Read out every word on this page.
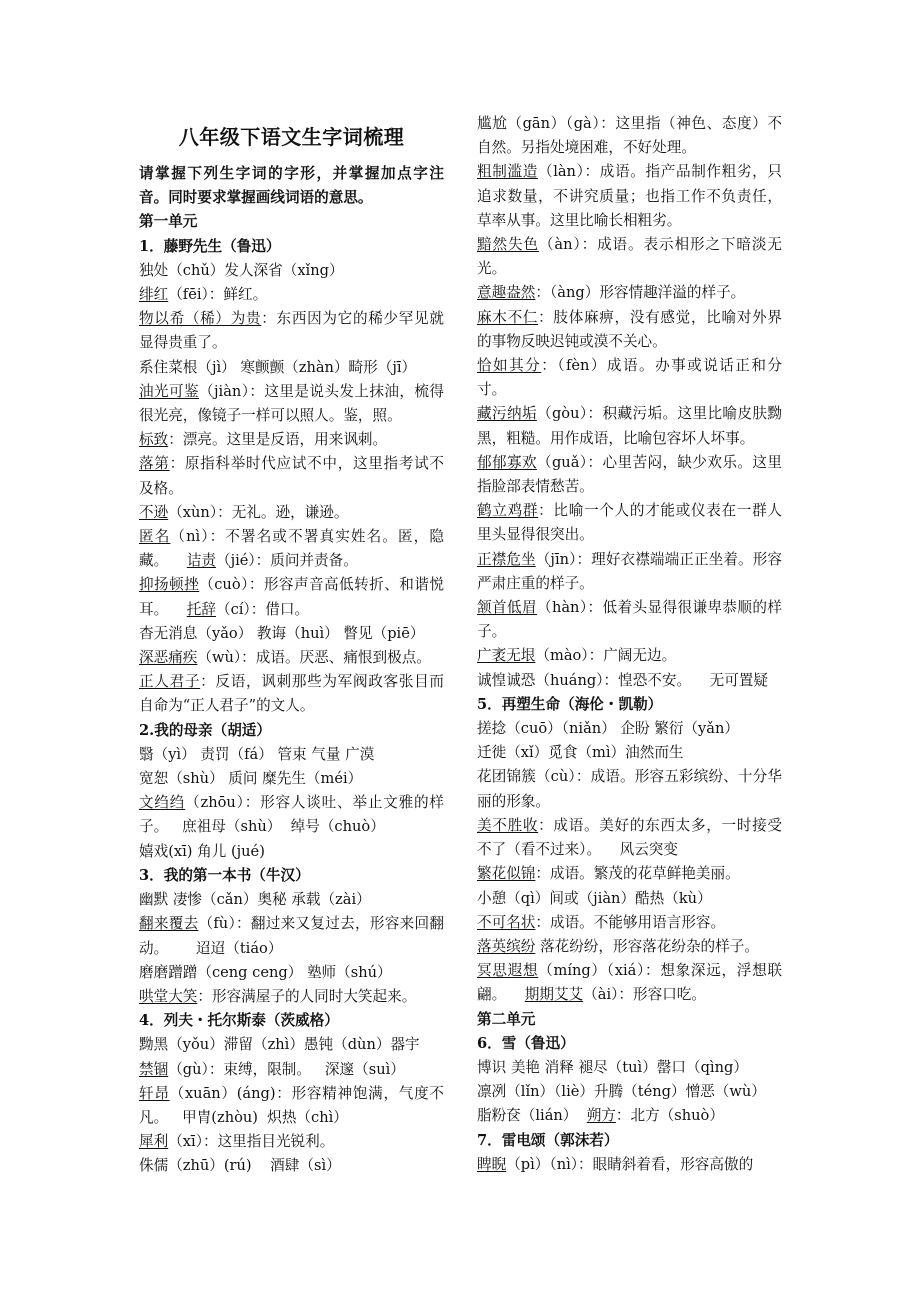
八年级下语文生字词梳理

请掌握下列生字词的字形，并掌握加点字注音。同时要求掌握画线词语的意思。

第一单元

1．藤野先生（鲁迅）

独处（chǔ）发人深省（xǐng）

绯红（fēi）：鲜红。

物以希（稀）为贵：东西因为它的稀少罕见就显得贵重了。

系住菜根（jì） 寒颤颤（zhàn）畸形（jī）

油光可鉴（jiàn）：这里是说头发上抹油，梳得很光亮，像镜子一样可以照人。鉴，照。

标致：漂亮。这里是反语，用来讽刺。

落第：原指科举时代应试不中，这里指考试不及格。

不逊（xùn）：无礼。逊，谦逊。

匿名（nì）：不署名或不署真实姓名。匿，隐藏。 诘责（jié）：质问并责备。

抑扬顿挫（cuò）：形容声音高低转折、和谐悦耳。 托辞（cí）：借口。

杳无消息（yǎo） 教诲（huì） 瞥见（piē）

深恶痛疾（wù）：成语。厌恶、痛恨到极点。

正人君子：反语，讽刺那些为军阀政客张目而自命为“正人君子”的文人。

2.我的母亲（胡适）

翳（yì） 责罚（fá） 管束 气量 广漠

宽恕（shù） 质问 糜先生（méi）

文绉绉（zhōu）：形容人谈吐、举止文雅的样子。   庶祖母（shù）  绰号（chuò）

嬉戏(xī) 角儿 (jué)

3．我的第一本书（牛汉）

幽默 凄惨（cǎn）奥秘 承载（zài）

翻来覆去（fù）：翻过来又复过去，形容来回翻动。      迢迢（tiáo）

磨磨蹭蹭（ceng ceng） 塾师（shú）

哄堂大笑：形容满屋子的人同时大笑起来。

4．列夫・托尔斯泰（茨威格）

黝黑（yǒu）滞留（zhì）愚钝（dùn）器宇

禁锢（gù）：束缚，限制。   深邃（suì）

轩昂（xuān）(áng)：形容精神饱满，气度不凡。   甲胄(zhòu)  炽热（chì）

犀利（xī）：这里指目光锐利。

侏儒（zhū）(rú)    酒肆（sì）

尴尬（gān）（gà）：这里指（神色、态度）不自然。另指处境困难，不好处理。

粗制滥造（làn）：成语。指产品制作粗劣，只追求数量，不讲究质量；也指工作不负责任，草率从事。这里比喻长相粗劣。

黯然失色（àn）：成语。表示相形之下暗淡无光。

意趣盎然：（àng）形容情趣洋溢的样子。

麻木不仁：肢体麻痹，没有感觉，比喻对外界的事物反映迟钝或漠不关心。

恰如其分：（fèn）成语。办事或说话正和分寸。

藏污纳垢（gòu）：积藏污垢。这里比喻皮肤黝黑，粗糙。用作成语，比喻包容坏人坏事。

郁郁寡欢（guǎ）：心里苦闷，缺少欢乐。这里指脸部表情愁苦。

鹤立鸡群：比喻一个人的才能或仪表在一群人里头显得很突出。

正襟危坐（jīn）：理好衣襟端端正正坐着。形容严肃庄重的样子。

颔首低眉（hàn）：低着头显得很谦卑恭顺的样子。

广袤无垠（mào）：广阔无边。

诚惶诚恐（huáng）：惶恐不安。    无可置疑

5．再塑生命（海伦・凯勒）

搓捻（cuō）（niǎn） 企盼 繁衍（yǎn）

迁徙（xǐ）觅食（mì）油然而生

花团锦簇（cù）：成语。形容五彩缤纷、十分华丽的形象。

美不胜收：成语。美好的东西太多，一时接受不了（看不过来）。    风云突变

繁花似锦：成语。繁茂的花草鲜艳美丽。

小憩（qì）间或（jiàn）酷热（kù）

不可名状：成语。不能够用语言形容。

落英缤纷 落花纷纷，形容落花纷杂的样子。

冥思遐想（míng）（xiá）：想象深远，浮想联翩。 期期艾艾（ài）：形容口吃。

第二单元

6．雪（鲁迅）

博识 美艳 消释 褪尽（tuì）罄口（qìng）

凛冽（lǐn）（liè）升腾（téng）憎恶（wù）

脂粉奁（lián）  朔方：北方（shuò）

7．雷电颂（郭沫若）

睥睨（pì）（nì）：眼睛斜着看，形容高傲的
